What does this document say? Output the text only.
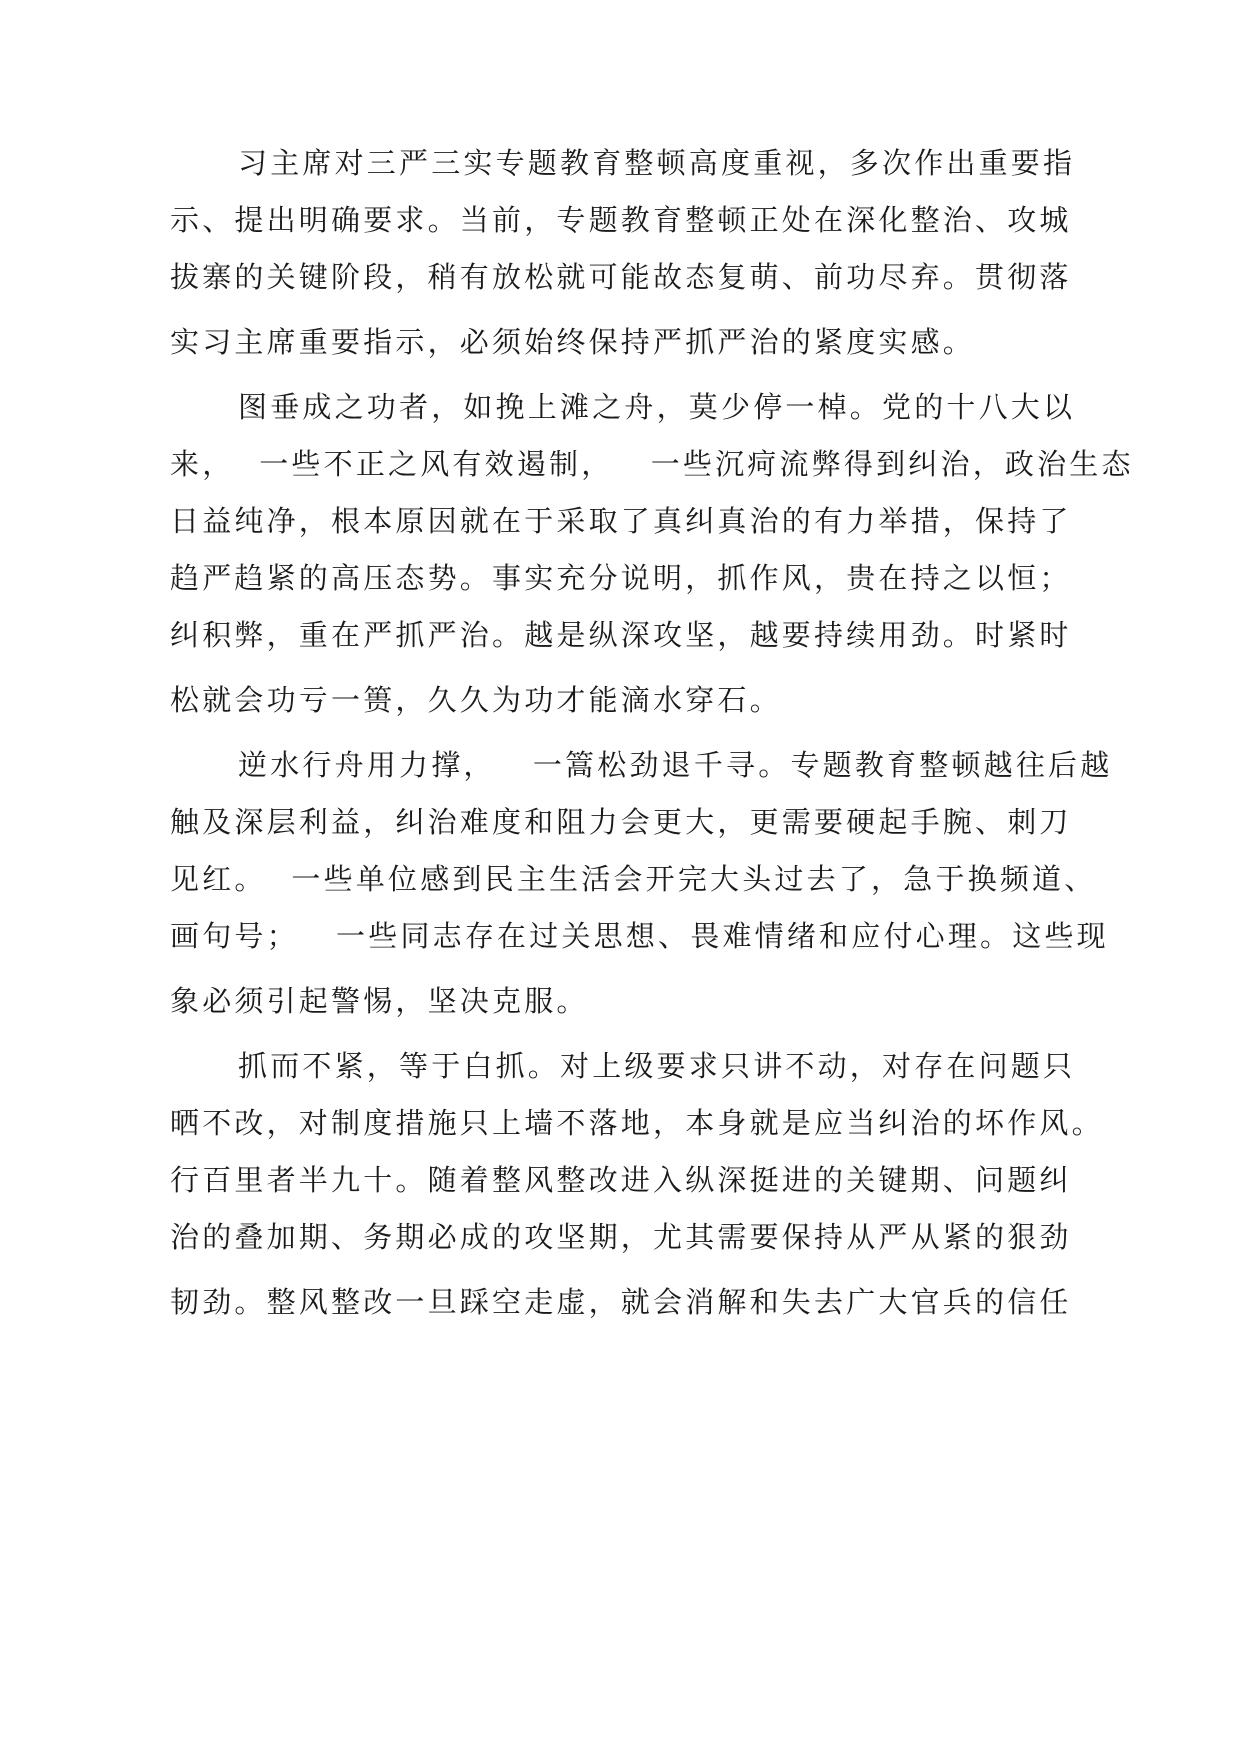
习主席对三严三实专题教育整顿高度重视，多次作出重要指
示、提出明确要求。当前，专题教育整顿正处在深化整治、攻城
拔寨的关键阶段，稍有放松就可能故态复萌、前功尽弃。贯彻落
实习主席重要指示，必须始终保持严抓严治的紧度实感。

图垂成之功者，如挽上滩之舟，莫少停一棹。党的十八大以
来，  一些不正之风有效遏制，   一些沉疴流弊得到纠治，政治生态
日益纯净，根本原因就在于采取了真纠真治的有力举措，保持了
趋严趋紧的高压态势。事实充分说明，抓作风，贵在持之以恒；
纠积弊，重在严抓严治。越是纵深攻坚，越要持续用劲。时紧时
松就会功亏一篑，久久为功才能滴水穿石。

逆水行舟用力撑，   一篙松劲退千寻。专题教育整顿越往后越
触及深层利益，纠治难度和阻力会更大，更需要硬起手腕、刺刀
见红。  一些单位感到民主生活会开完大头过去了，急于换频道、
画句号；   一些同志存在过关思想、畏难情绪和应付心理。这些现
象必须引起警惕，坚决克服。

抓而不紧，等于白抓。对上级要求只讲不动，对存在问题只
晒不改，对制度措施只上墙不落地，本身就是应当纠治的坏作风。
行百里者半九十。随着整风整改进入纵深挺进的关键期、问题纠
治的叠加期、务期必成的攻坚期，尤其需要保持从严从紧的狠劲
韧劲。整风整改一旦踩空走虚，就会消解和失去广大官兵的信任
